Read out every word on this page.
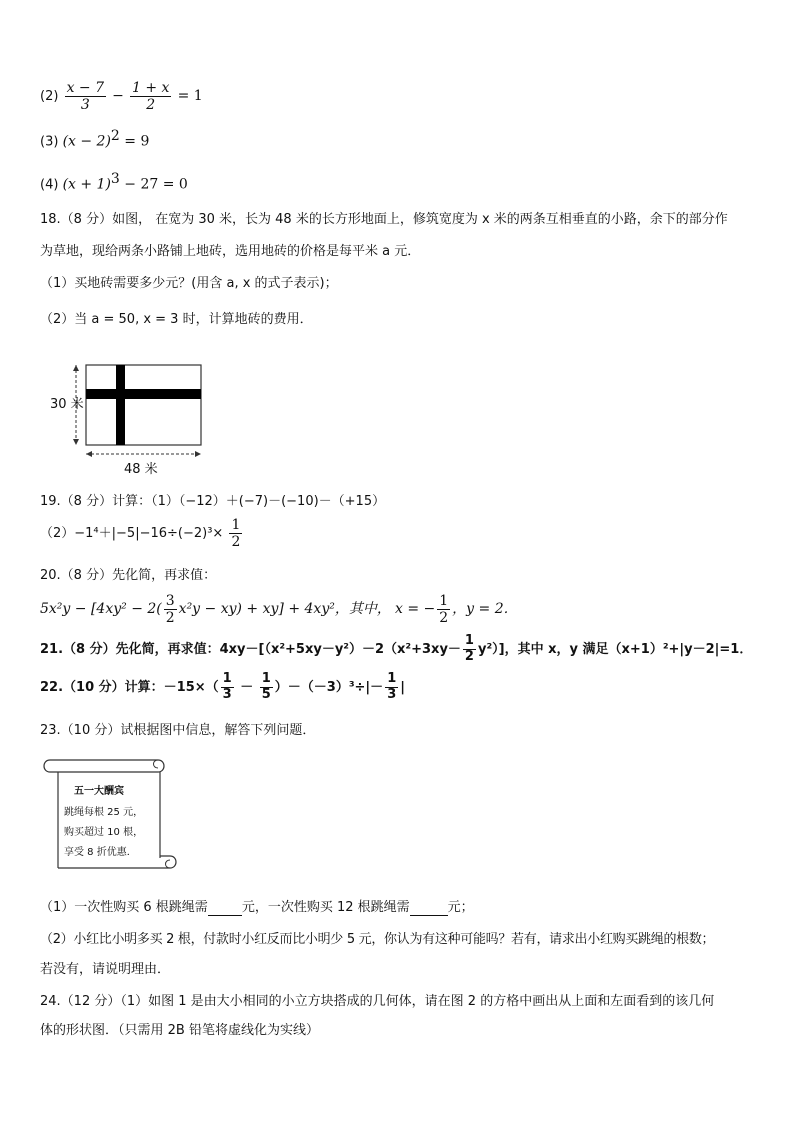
$(2) \frac{x - 7}{3} - \frac{1 + x}{2} = 1$
(3) $(x - 2)^2 = 9$
(4) $(x + 1)^3 - 27 = 0$
18.（8 分）如图， 在宽为 30 米，长为 48 米的长方形地面上，修筑宽度为 x 米的两条互相垂直的小路，余下的部分作
为草地，现给两条小路铺上地砖，选用地砖的价格是每平米 a 元．
（1）买地砖需要多少元？(用含 a, x 的式子表示)；
（2）当 a = 50, x = 3 时，计算地砖的费用．
30 米
48 米
19.（8 分）计算：（1）（−12）＋(−7)－(−10)－（+15）
$(2)-1^4+|-5|-16\div(-2)^3\times \frac{1}{2}$
20.（8 分）先化简，再求值：
$5x^2y - [4xy^2 - 2( \frac{3}{2} x^2y - xy) + xy] + 4xy^2$，其中， x = − $\frac{1}{2}$ ，y = 2．
21.（8 分）先化简，再求值：$4xy-[(x^2+5xy-y^2)-2(x^2+3xy- \frac{1}{2} y^2)]$，其中 x，y 满足（x+1）²+|y－2|=1．
22.（10 分）计算：$-15\times( \frac{1}{3} - \frac{1}{5} )-(-3)^3\div|- \frac{1}{3}$ |
23.（10 分）试根据图中信息，解答下列问题．
五一大酬宾
跳绳每根 25 元，
购买超过 10 根，
享受 8 折优惠．
（1）一次性购买 6 根跳绳需	元，一次性购买 12 根跳绳需	元；
（2）小红比小明多买 2 根，付款时小红反而比小明少 5 元，你认为有这种可能吗？若有，请求出小红购买跳绳的根数；
若没有，请说明理由．
24.（12 分）（1）如图 1 是由大小相同的小立方块搭成的几何体，请在图 2 的方格中画出从上面和左面看到的该几何
体的形状图．（只需用 2B 铅笔将虚线化为实线）
